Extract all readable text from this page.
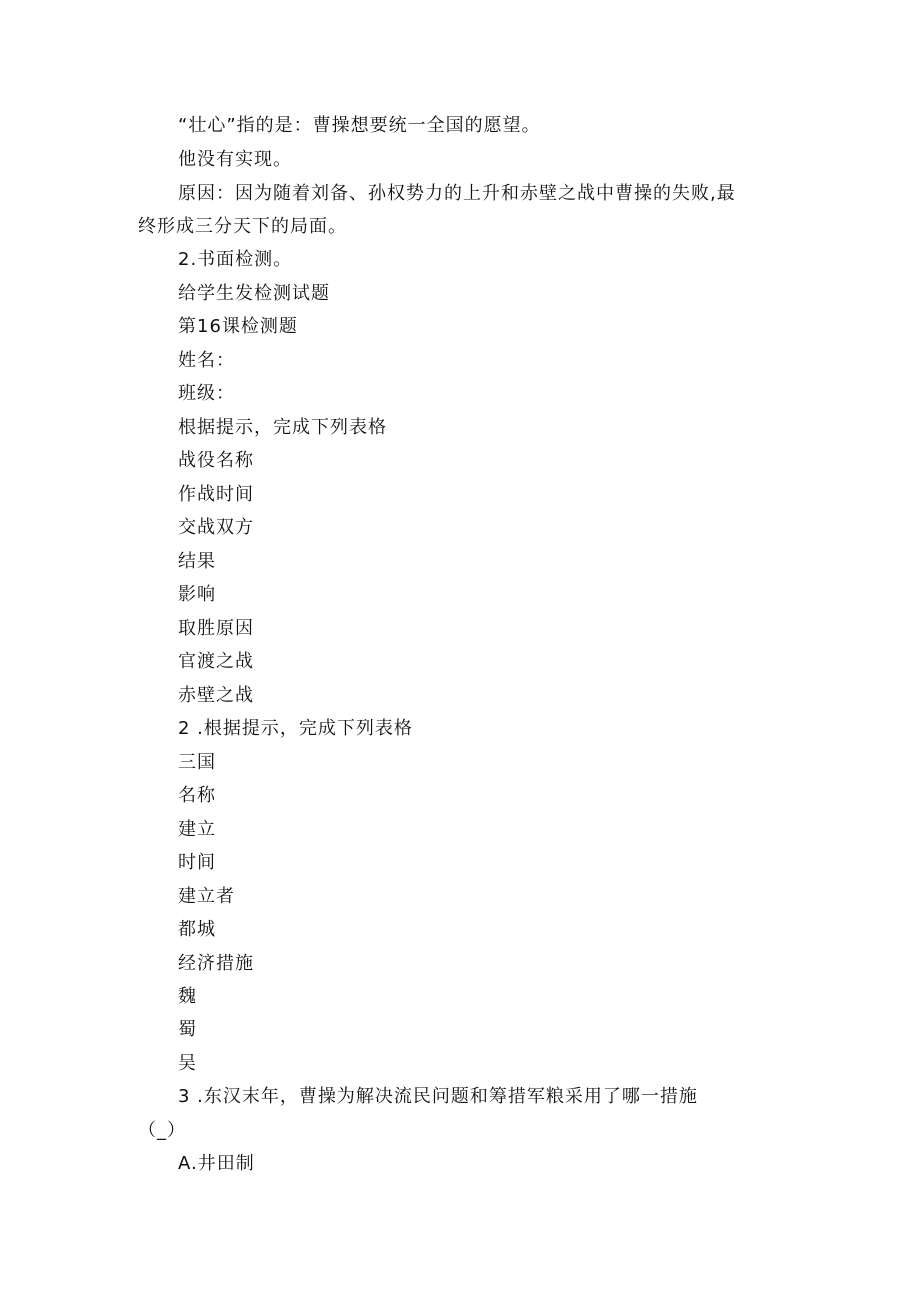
“壮心”指的是：曹操想要统一全国的愿望。
他没有实现。
原因：因为随着刘备、孙权势力的上升和赤壁之战中曹操的失败,最
终形成三分天下的局面。
2.书面检测。
给学生发检测试题
第16课检测题
姓名：
班级：
根据提示，完成下列表格
战役名称
作战时间
交战双方
结果
影响
取胜原因
官渡之战
赤壁之战
2 .根据提示，完成下列表格
三国
名称
建立
时间
建立者
都城
经济措施
魏
蜀
吴
3 .东汉末年，曹操为解决流民问题和筹措军粮采用了哪一措施
（_）
A.井田制
